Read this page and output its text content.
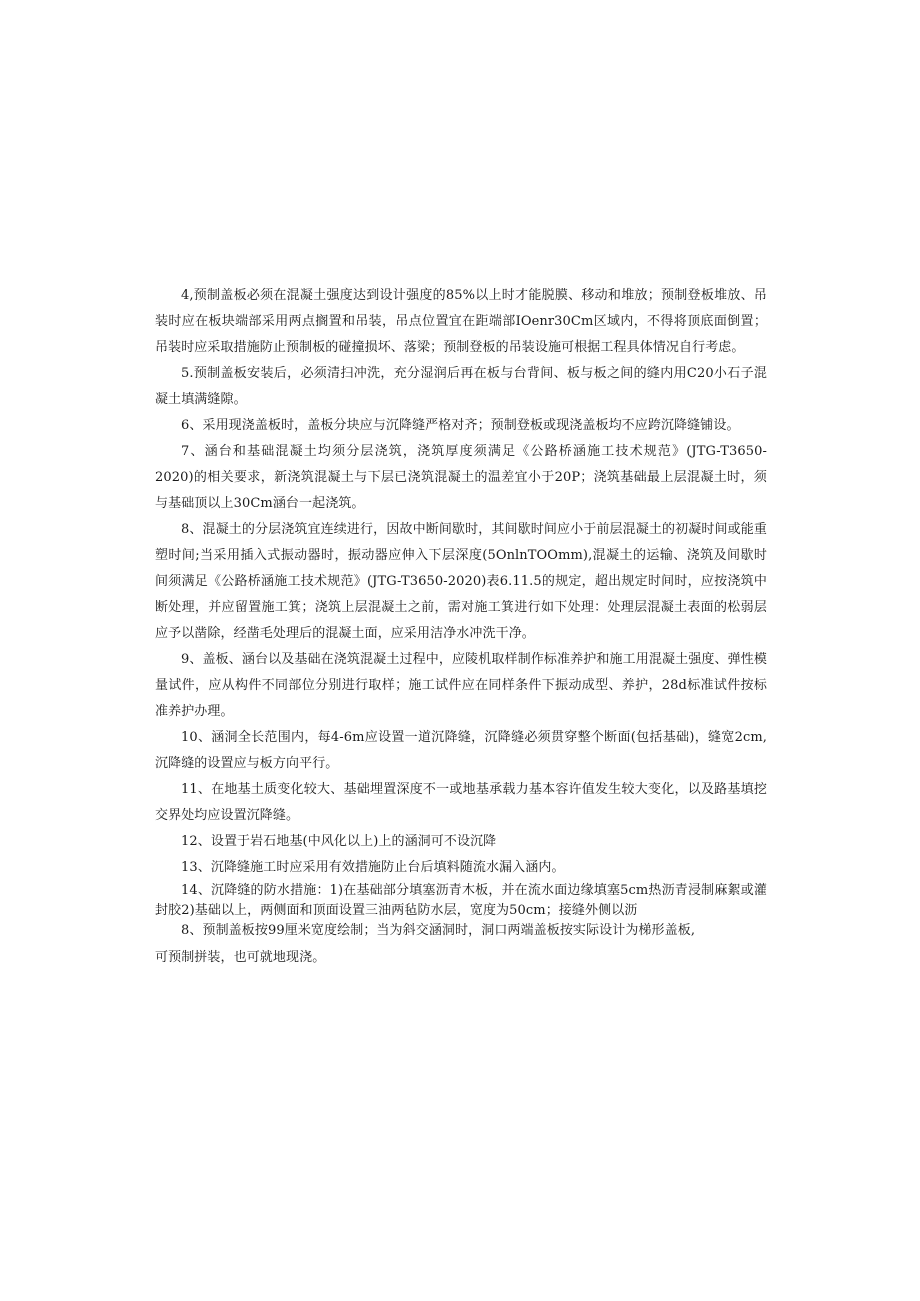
4,预制盖板必须在混凝土强度达到设计强度的85%以上时才能脱膜、移动和堆放；预制登板堆放、吊装时应在板块端部采用两点搁置和吊装，吊点位置宜在距端部IOenr30Cm区域内，不得将顶底面倒置；吊装时应采取措施防止预制板的碰撞损坏、落梁；预制登板的吊装设施可根据工程具体情况自行考虑。

5.预制盖板安装后，必须清扫冲洗，充分湿润后再在板与台背间、板与板之间的缝内用C20小石子混凝土填满缝隙。

6、采用现浇盖板时，盖板分块应与沉降缝严格对齐；预制登板或现浇盖板均不应跨沉降缝铺设。

7、涵台和基础混凝土均须分层浇筑，浇筑厚度须满足《公路桥涵施工技术规范》(JTG-T3650-2020)的相关要求，新浇筑混凝土与下层已浇筑混凝土的温差宜小于20P；浇筑基础最上层混凝土时，须与基础顶以上30Cm涵台一起浇筑。

8、混凝土的分层浇筑宜连续进行，因故中断间歇时，其间歇时间应小于前层混凝土的初凝时间或能重塑时间;当采用插入式振动器时，振动器应伸入下层深度(5OnlnTOOmm),混凝土的运输、浇筑及间歇时间须满足《公路桥涵施工技术规范》(JTG-T3650-2020)表6.11.5的规定，超出规定时间时，应按浇筑中断处理，并应留置施工箕；浇筑上层混凝土之前，需对施工箕进行如下处理：处理层混凝土表面的松弱层应予以凿除，经凿毛处理后的混凝土面，应采用洁净水冲洗干净。

9、盖板、涵台以及基础在浇筑混凝土过程中，应陵机取样制作标准养护和施工用混凝土强度、弹性模量试件，应从构件不同部位分别进行取样；施工试件应在同样条件下振动成型、养护，28d标准试件按标准养护办理。

10、涵洞全长范围内，每4-6m应设置一道沉降缝，沉降缝必须贯穿整个断面(包括基础)，缝宽2cm,沉降缝的设置应与板方向平行。

11、在地基土质变化较大、基础埋置深度不一或地基承载力基本容许值发生较大变化，以及路基填挖交界处均应设置沉降缝。

12、设置于岩石地基(中风化以上)上的涵洞可不设沉降

13、沉降缝施工时应采用有效措施防止台后填料随流水漏入涵内。

14、沉降缝的防水措施：1)在基础部分填塞沥青木板，并在流水面边缘填塞5cm热沥青浸制麻絮或灌封胶2)基础以上，两侧面和顶面设置三油两毡防水层，宽度为50cm；接缝外侧以沥

8、预制盖板按99厘米宽度绘制；当为斜交涵洞时，洞口两端盖板按实际设计为梯形盖板,

可预制拼装，也可就地现浇。
